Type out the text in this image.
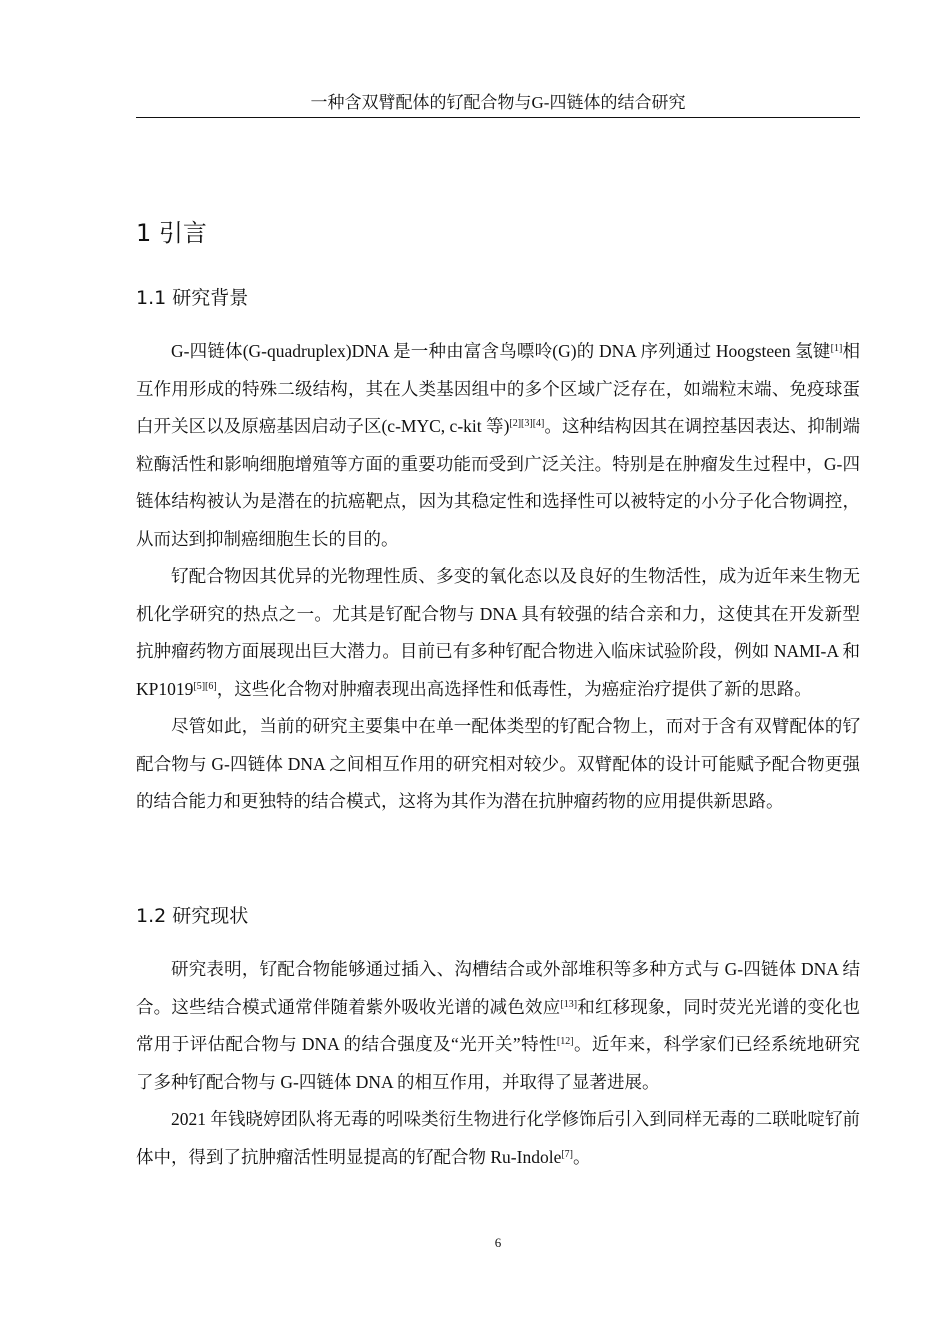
一种含双臂配体的钌配合物与G-四链体的结合研究
1 引言
1.1 研究背景

G-四链体(G-quadruplex)DNA 是一种由富含鸟嘌呤(G)的 DNA 序列通过 Hoogsteen 氢键[1]相互作用形成的特殊二级结构，其在人类基因组中的多个区域广泛存在，如端粒末端、免疫球蛋白开关区以及原癌基因启动子区(c-MYC, c-kit 等)[2][3][4]。这种结构因其在调控基因表达、抑制端粒酶活性和影响细胞增殖等方面的重要功能而受到广泛关注。特别是在肿瘤发生过程中，G-四链体结构被认为是潜在的抗癌靶点，因为其稳定性和选择性可以被特定的小分子化合物调控，从而达到抑制癌细胞生长的目的。

钌配合物因其优异的光物理性质、多变的氧化态以及良好的生物活性，成为近年来生物无机化学研究的热点之一。尤其是钌配合物与 DNA 具有较强的结合亲和力，这使其在开发新型抗肿瘤药物方面展现出巨大潜力。目前已有多种钌配合物进入临床试验阶段，例如 NAMI-A 和 KP1019[5][6]，这些化合物对肿瘤表现出高选择性和低毒性，为癌症治疗提供了新的思路。

尽管如此，当前的研究主要集中在单一配体类型的钌配合物上，而对于含有双臂配体的钌配合物与 G-四链体 DNA 之间相互作用的研究相对较少。双臂配体的设计可能赋予配合物更强的结合能力和更独特的结合模式，这将为其作为潜在抗肿瘤药物的应用提供新思路。

1.2 研究现状

研究表明，钌配合物能够通过插入、沟槽结合或外部堆积等多种方式与 G-四链体 DNA 结合。这些结合模式通常伴随着紫外吸收光谱的减色效应[13]和红移现象，同时荧光光谱的变化也常用于评估配合物与 DNA 的结合强度及“光开关”特性[12]。近年来，科学家们已经系统地研究了多种钌配合物与 G-四链体 DNA 的相互作用，并取得了显著进展。

2021 年钱晓婷团队将无毒的吲哚类衍生物进行化学修饰后引入到同样无毒的二联吡啶钌前体中，得到了抗肿瘤活性明显提高的钌配合物 Ru-Indole[7]。

6
